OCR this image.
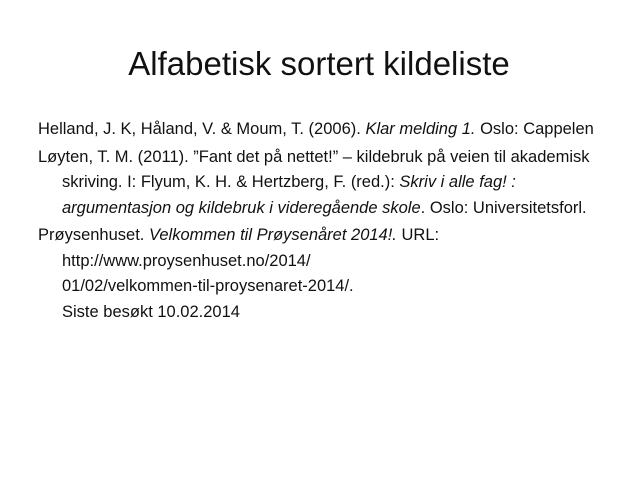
Alfabetisk sortert kildeliste
Helland, J. K, Håland, V. & Moum, T. (2006). Klar melding 1. Oslo: Cappelen
Løyten, T. M. (2011). ”Fant det på nettet!” – kildebruk på veien til akademisk skriving. I: Flyum, K. H. & Hertzberg, F. (red.): Skriv i alle fag! : argumentasjon og kildebruk i videregående skole. Oslo: Universitetsforl.
Prøysenhuset. Velkommen til Prøysenåret 2014!. URL:
http://www.proysenhuset.no/2014/
01/02/velkommen-til-proysenaret-2014/.
Siste besøkt 10.02.2014
